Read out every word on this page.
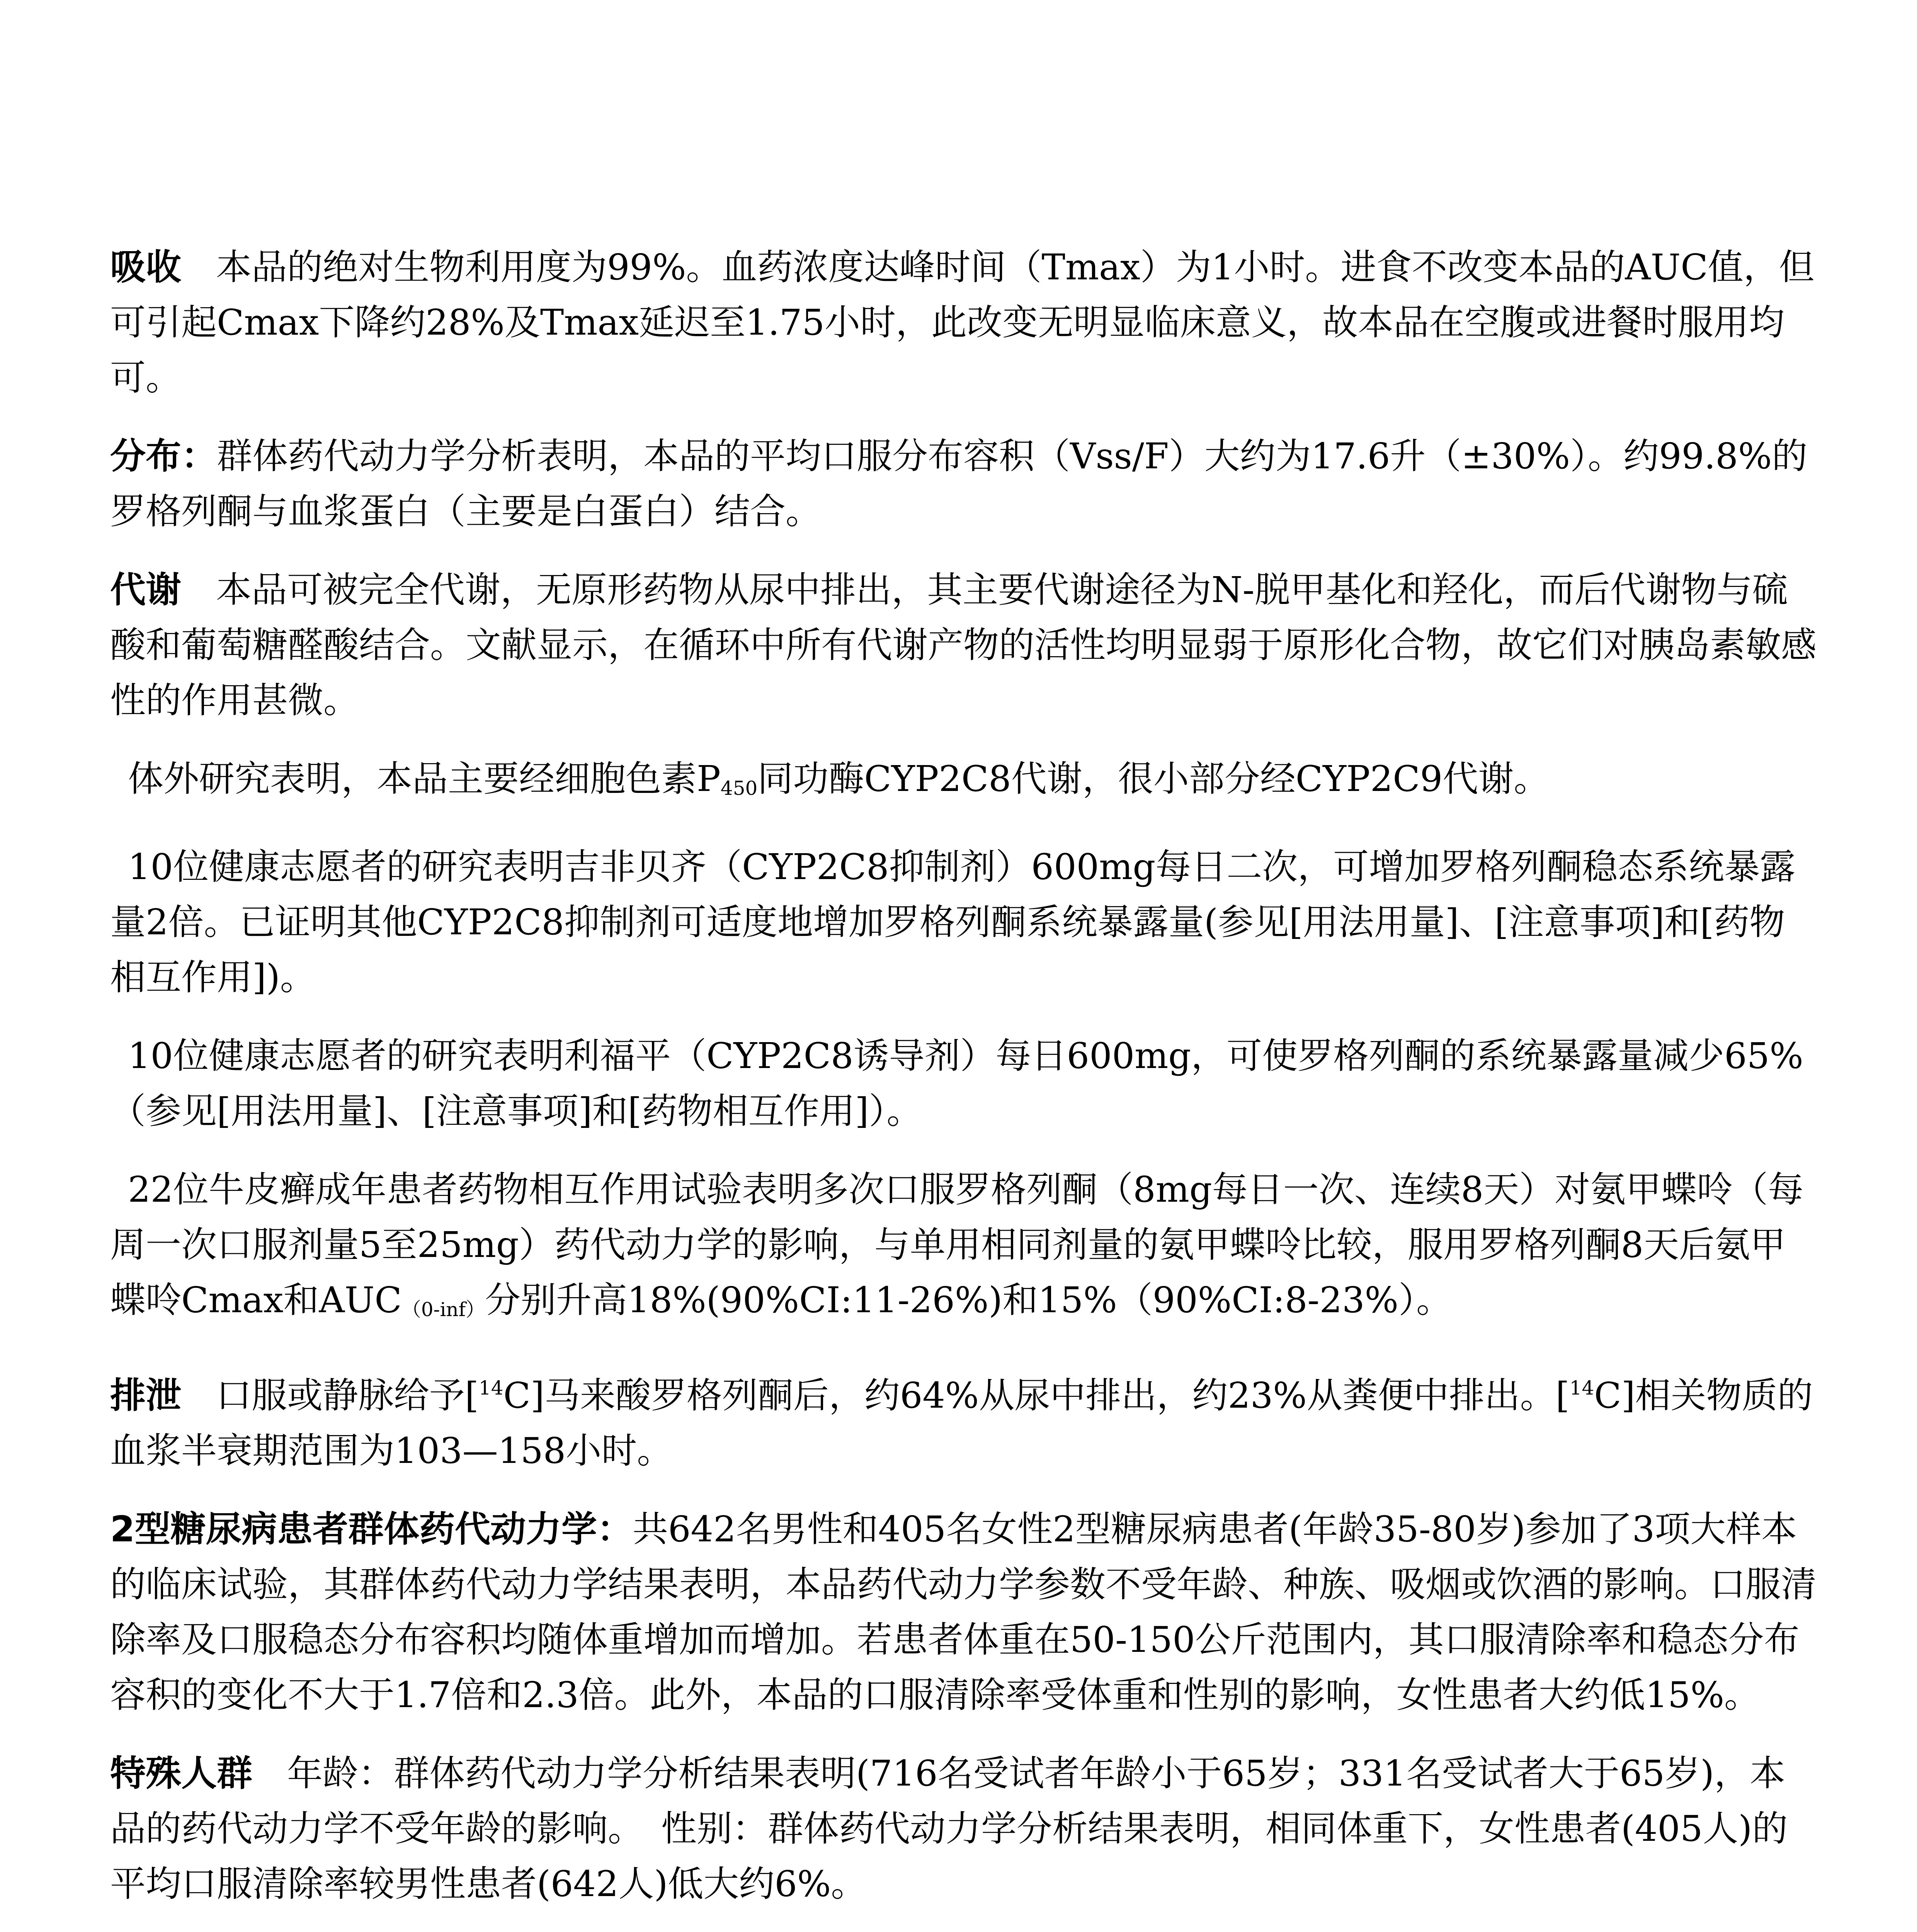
吸收 本品的绝对生物利用度为99%。血药浓度达峰时间（Tmax）为1小时。进食不改变本品的AUC值，但可引起Cmax下降约28%及Tmax延迟至1.75小时，此改变无明显临床意义，故本品在空腹或进餐时服用均可。

分布：群体药代动力学分析表明，本品的平均口服分布容积（Vss/F）大约为17.6升（±30%）。约99.8%的罗格列酮与血浆蛋白（主要是白蛋白）结合。

代谢 本品可被完全代谢，无原形药物从尿中排出，其主要代谢途径为N-脱甲基化和羟化，而后代谢物与硫酸和葡萄糖醛酸结合。文献显示，在循环中所有代谢产物的活性均明显弱于原形化合物，故它们对胰岛素敏感性的作用甚微。

体外研究表明，本品主要经细胞色素P450同功酶CYP2C8代谢，很小部分经CYP2C9代谢。

10位健康志愿者的研究表明吉非贝齐（CYP2C8抑制剂）600mg每日二次，可增加罗格列酮稳态系统暴露量2倍。已证明其他CYP2C8抑制剂可适度地增加罗格列酮系统暴露量(参见[用法用量]、[注意事项]和[药物相互作用])。

10位健康志愿者的研究表明利福平（CYP2C8诱导剂）每日600mg，可使罗格列酮的系统暴露量减少65%（参见[用法用量]、[注意事项]和[药物相互作用]）。

22位牛皮癣成年患者药物相互作用试验表明多次口服罗格列酮（8mg每日一次、连续8天）对氨甲蝶呤（每周一次口服剂量5至25mg）药代动力学的影响，与单用相同剂量的氨甲蝶呤比较，服用罗格列酮8天后氨甲蝶呤Cmax和AUC（0-inf）分别升高18%(90%CI:11-26%)和15%（90%CI:8-23%）。

排泄 口服或静脉给予[$^{14}$C]马来酸罗格列酮后，约64%从尿中排出，约23%从粪便中排出。[$^{14}$C]相关物质的血浆半衰期范围为103—158小时。

2型糖尿病患者群体药代动力学：共642名男性和405名女性2型糖尿病患者(年龄35-80岁)参加了3项大样本的临床试验，其群体药代动力学结果表明，本品药代动力学参数不受年龄、种族、吸烟或饮酒的影响。口服清除率及口服稳态分布容积均随体重增加而增加。若患者体重在50-150公斤范围内，其口服清除率和稳态分布容积的变化不大于1.7倍和2.3倍。此外，本品的口服清除率受体重和性别的影响，女性患者大约低15%。

特殊人群 年龄：群体药代动力学分析结果表明(716名受试者年龄小于65岁；331名受试者大于65岁)，本品的药代动力学不受年龄的影响。　性别：群体药代动力学分析结果表明，相同体重下，女性患者(405人)的平均口服清除率较男性患者(642人)低大约6%。
